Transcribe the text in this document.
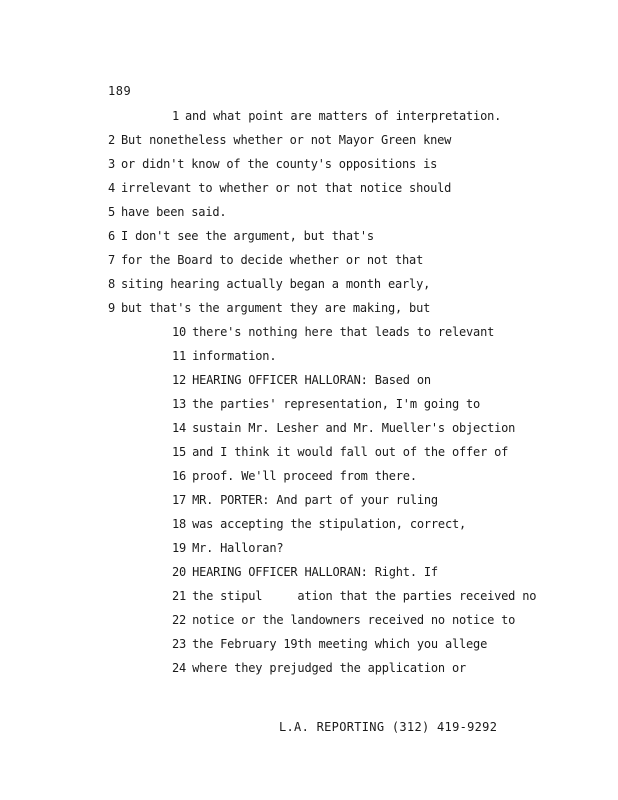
189
1 and what point are matters of interpretation.
2 But nonetheless whether or not Mayor Green knew
3 or didn't know of the county's oppositions is
4 irrelevant to whether or not that notice should
5 have been said.
6 I don't see the argument, but that's
7 for the Board to decide whether or not that
8 siting hearing actually began a month early,
9 but that's the argument they are making, but
10 there's nothing here that leads to relevant
11 information.
12 HEARING OFFICER HALLORAN: Based on
13 the parties' representation, I'm going to
14 sustain Mr. Lesher and Mr. Mueller's objection
15 and I think it would fall out of the offer of
16 proof. We'll proceed from there.
17 MR. PORTER: And part of your ruling
18 was accepting the stipulation, correct,
19 Mr. Halloran?
20 HEARING OFFICER HALLORAN: Right. If
21 the stipul     ation that the parties received no
22 notice or the landowners received no notice to
23 the February 19th meeting which you allege
24 where they prejudged the application or
L.A. REPORTING (312) 419-9292
